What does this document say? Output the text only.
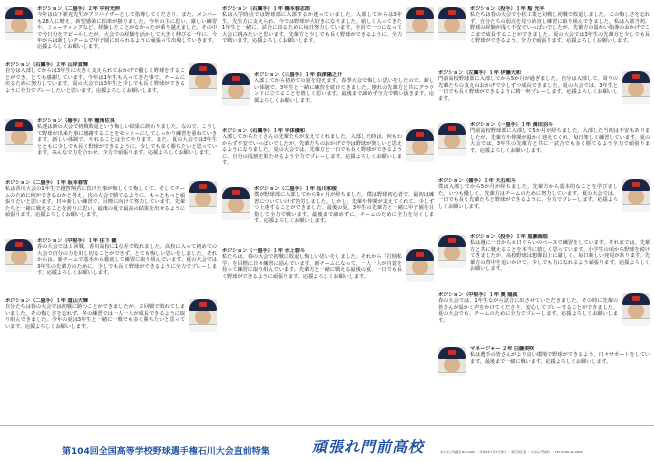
ポジション（二塁手）２年 中村光伸
今年は山下新克先生がアドバイザーとして指導してくださり、また、メンバーも28人に増え、新型感染に拍車が掛りました。今年の主に思い、厳しい練習や、ミューティングなど、経験したことがなかったが乗り越えました。その中で今日分をアピールしたが、大会での経験を活かして大きく伸びる一年に、今年からは新しいチームで甲子園に出られるように頑張って出場していきます。応援よろしくお願いします。
ポジション（右翼手）２年 山岸直輝
自分は入部してからは3年生に大きく支えられておかげで優しく野球をすることができ、とても感謝しています。今年は1年生も入ってきた事で、チームに戻るために努力しています。夏の大会では3年生と少しでも長く野球ができるように全力でプレーしたいと思います。応援よろしくお願いします。
ポジション（捕手）１年 龍角佐良
私達は新の大会で初戦敗退という悔しい結果に終わりました。なので、こうして野球が出来た事に感謝することをモットーにしてしっかり練習を重ねていきます。新しい体制で、やれることは全てやります。また、夏の大会では3年生とともに少しでも長く野球ができるように、少しでも多く勝ちたいと思っています。みんなで力を合わせ、全力で頑張ります。応援よろしくお願いします。
ポジション（二塁手）１年 坂本春雪
私は香川大会の1年生で越智翔君に負けた事が悔しくて悔しくて、そしてチームのために何ができるのかと考え、次の大会で勝てるように、もっともっと頑張りたいと思います。Ｈ＊新しい練習で、目標に向けて努力しています。先輩たちと一緒に戦えることを誇りに思い、最後の夏で最高の結果を出せるように頑張ります。応援よろしくお願いします。
ポジション（中堅手）１年 住下 健
春の大会では１回戦、香川高校に1点差で敗れました。高校に入って初めての大会で自分の力を出し切ることができず、とても悔しい思いをしました。それからは、新チームで基本から徹底して練習に取り組んでいます。夏の大会では3年生の先輩方のために、少しでも長く野球ができるように全力でプレーします。応援よろしくお願いします。
ポジション（二塁手）１年 道山大輝
自分たちは春の大会では初戦に勝つことができましたが、２回戦で敗れてしまいました。その悔しさを忘れず、冬の練習では一人一人が成長できるように取り組んできました。今年の夏は3年生と一緒に一戦でも多く勝ちたいと思っています。応援よろしくお願いします。
ポジション（右翼手）１年 橋本春志郎
私は入学時点では野球部に入部するか迷っていました。入部してからは3年生、先生方に支えられ、今では野球が大好きになりました。新しく入ってきた1年生と一緒に、試合に出るために毎日努力しています。全員で一つになって大会に挑みたいと思います。先輩方と少しでも長く野球ができるように、全力で戦います。応援よろしくお願いします。
ポジション（三塁手）１年 浜津陽之介
入部してから初めての夏を迎えます。春季大会で悔しい思いをしたので、新しい体制で、3年生と一緒に練習を続けてきました。憧れの先輩方と共にグラウンドに立てることを嬉しく思います。最後まで諦めず全力で戦い抜きます。応援よろしくお願いします。
ポジション（右翼手）１年 平体優和
入部してからたくさんの先輩たちが支えてくれました。入部した時は、何もわからず不安でいっぱいでしたが、先輩たちのおかげで今は野球が楽しいと思えるようになりました。夏の大会では、先輩方と一日でも長く野球ができるように、自分の役割を果たせるよう全力でプレーします。応援よろしくお願いします。
ポジション（二塁手）１年 岳川和俊
僕が野球部に入部してから9ヶ月が経ちました。僕は野球初心者で、最初は練習についていけず苦労しました。しかし、先輩や仲間が支えてくれて、少しずつ上達することができました。最後の夏、3年生の先輩方と一緒に甲子園を目指して全力で戦います。最後まで諦めずに、チームのために全力を尽くします。応援よろしくお願いします。
ポジション（一塁手）１年 水上碧斗
私たちは、春の大会で初戦に敗退し悔しい思いをしました。それから「打倒私学」を目標に日々練習に励んでいます。新チームになって、一人一人が自覚を持って練習に取り組んでいます。先輩方と一緒に戦える最後の夏、一日でも長く野球ができるように頑張ります。応援よろしくお願いします。
ポジション（投手）１年 船 光平
私たちは春の大会で小松工業と対戦し初戦で敗退しました。この悔しさを忘れず、自分たちの弱点を見つめ直し練習に取り組んできました。私は入部当初、野球の経験が浅く不安でいっぱいでしたが、先輩方の温かい指導のおかげでここまで成長することができました。夏の大会では3年生の先輩方と少しでも長く野球ができるよう、全力で頑張ります。応援よろしくお願いします。
ポジション（左翼手）１年 伊藤大和
門前高校野球部に入部してから5か月が過ぎました。自分は入部して、周りの先輩たちの支えのおかげで少しずつ成長できました。夏の大会では、3年生と一日でも長く野球ができるように精一杯プレーします。応援よろしくお願いします。
ポジション（一塁手）１年 湊田羽斗
門前高校野球部に入部して5か月が経ちました。入部した当初は不安もありましたが、先輩方や仲間が温かく迎えてくれ、毎日楽しく練習しています。夏の大会では、3年生の先輩方と共に一試合でも多く勝てるよう全力で頑張ります。応援よろしくお願いします。
ポジション（捕手）１年 大石和斗
僕は入部してから5か月が経ちました。先輩方から基本的なことを学びました。いつも優しく、先輩方はチームのために努力しています。夏の大会では、一日でも長く先輩たちと野球ができるように、全力でプレーします。応援よろしくお願いします。
ポジション（投手）１年 黒瀬海悠
私は週に一日から６日ぐらいのペースで練習をしています。それまでは、先輩方と共に戦えることを本当に嬉しく思っています。小学生の頃から野球を続けてきましたが、高校野球は想像以上に厳しく、毎日新しい発見があります。先輩方の背中を追いかけて、少しでも力になれるよう頑張ります。応援よろしくお願いします。
ポジション（中堅手）１年 奥 陽真
春の大会では、1年生ながら試合に出させていただきました。その時に先輩の皆さんが温かく声をかけてくださり、安心してプレーすることができました。夏の大会でも、チームのために全力でプレーします。応援よろしくお願いします。
マネージャー ２年 白藤美咲
私は選手の皆さんがより良い環境で野球ができるよう、日々サポートをしています。最後まで一緒に戦います。応援よろしくお願いします。
第104回全国高等学校野球選手権石川大会直前特集	頑張れ門前高校	まちかど市議会 No.2446 ／ 令和4年7月7日発行 ／ 発行責任者 ／ かがみ 門前町 ／ TEL 0768-42-0000
